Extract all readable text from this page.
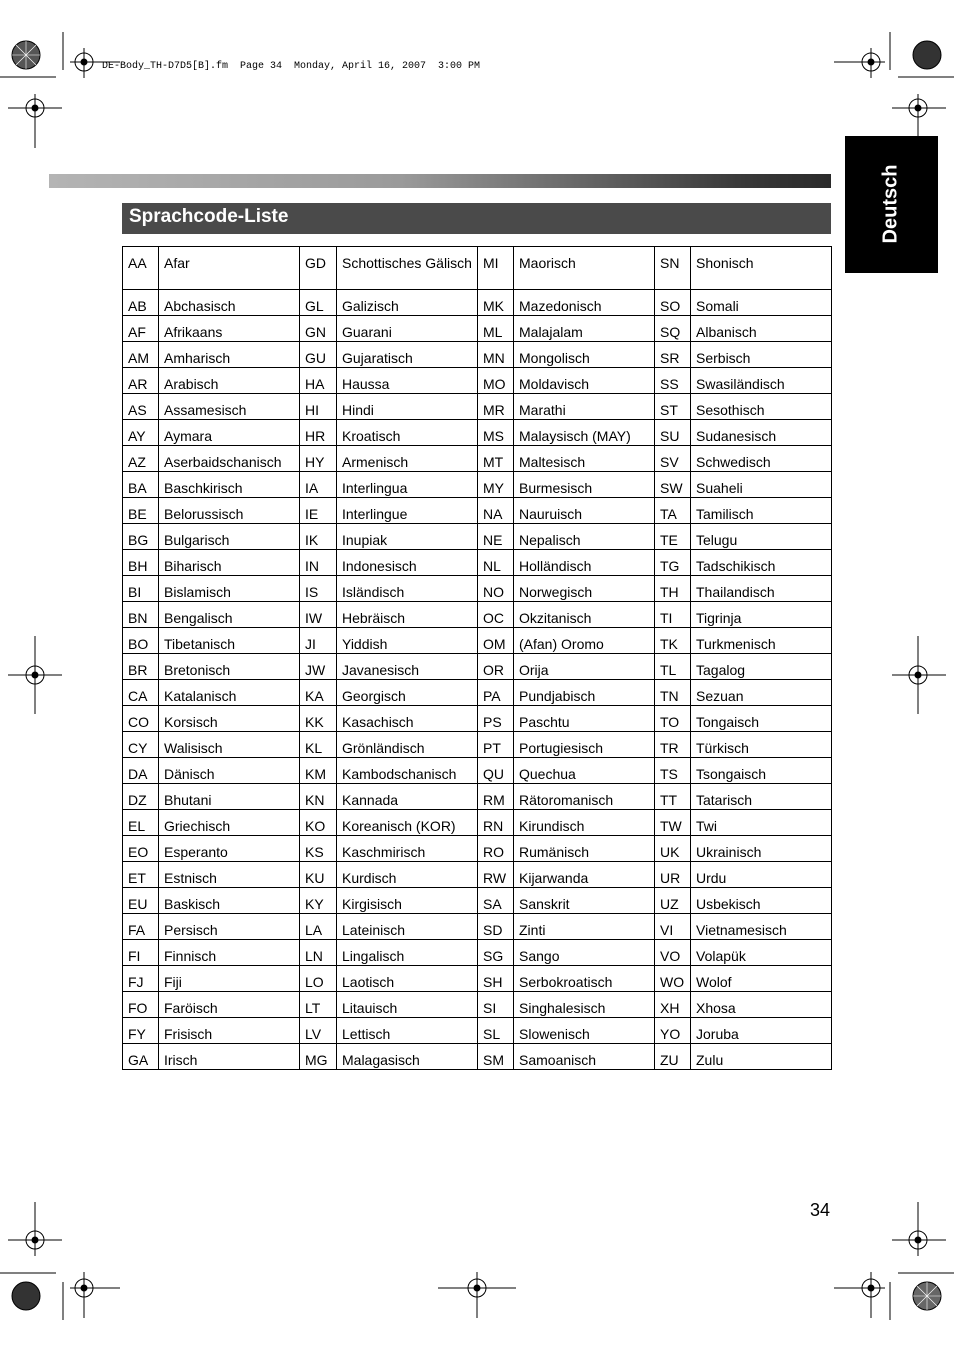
DE-Body_TH-D7D5[B].fm  Page 34  Monday, April 16, 2007  3:00 PM
Deutsch
Sprachcode-Liste
AA	Afar	GD	Schottisches Gälisch	MI	Maorisch	SN	Shonisch
AB	Abchasisch	GL	Galizisch	MK	Mazedonisch	SO	Somali
AF	Afrikaans	GN	Guarani	ML	Malajalam	SQ	Albanisch
AM	Amharisch	GU	Gujaratisch	MN	Mongolisch	SR	Serbisch
AR	Arabisch	HA	Haussa	MO	Moldavisch	SS	Swasiländisch
AS	Assamesisch	HI	Hindi	MR	Marathi	ST	Sesothisch
AY	Aymara	HR	Kroatisch	MS	Malaysisch (MAY)	SU	Sudanesisch
AZ	Aserbaidschanisch	HY	Armenisch	MT	Maltesisch	SV	Schwedisch
BA	Baschkirisch	IA	Interlingua	MY	Burmesisch	SW	Suaheli
BE	Belorussisch	IE	Interlingue	NA	Nauruisch	TA	Tamilisch
BG	Bulgarisch	IK	Inupiak	NE	Nepalisch	TE	Telugu
BH	Biharisch	IN	Indonesisch	NL	Holländisch	TG	Tadschikisch
BI	Bislamisch	IS	Isländisch	NO	Norwegisch	TH	Thailandisch
BN	Bengalisch	IW	Hebräisch	OC	Okzitanisch	TI	Tigrinja
BO	Tibetanisch	JI	Yiddish	OM	(Afan) Oromo	TK	Turkmenisch
BR	Bretonisch	JW	Javanesisch	OR	Orija	TL	Tagalog
CA	Katalanisch	KA	Georgisch	PA	Pundjabisch	TN	Sezuan
CO	Korsisch	KK	Kasachisch	PS	Paschtu	TO	Tongaisch
CY	Walisisch	KL	Grönländisch	PT	Portugiesisch	TR	Türkisch
DA	Dänisch	KM	Kambodschanisch	QU	Quechua	TS	Tsongaisch
DZ	Bhutani	KN	Kannada	RM	Rätoromanisch	TT	Tatarisch
EL	Griechisch	KO	Koreanisch (KOR)	RN	Kirundisch	TW	Twi
EO	Esperanto	KS	Kaschmirisch	RO	Rumänisch	UK	Ukrainisch
ET	Estnisch	KU	Kurdisch	RW	Kijarwanda	UR	Urdu
EU	Baskisch	KY	Kirgisisch	SA	Sanskrit	UZ	Usbekisch
FA	Persisch	LA	Lateinisch	SD	Zinti	VI	Vietnamesisch
FI	Finnisch	LN	Lingalisch	SG	Sango	VO	Volapük
FJ	Fiji	LO	Laotisch	SH	Serbokroatisch	WO	Wolof
FO	Faröisch	LT	Litauisch	SI	Singhalesisch	XH	Xhosa
FY	Frisisch	LV	Lettisch	SL	Slowenisch	YO	Joruba
GA	Irisch	MG	Malagasisch	SM	Samoanisch	ZU	Zulu
34
